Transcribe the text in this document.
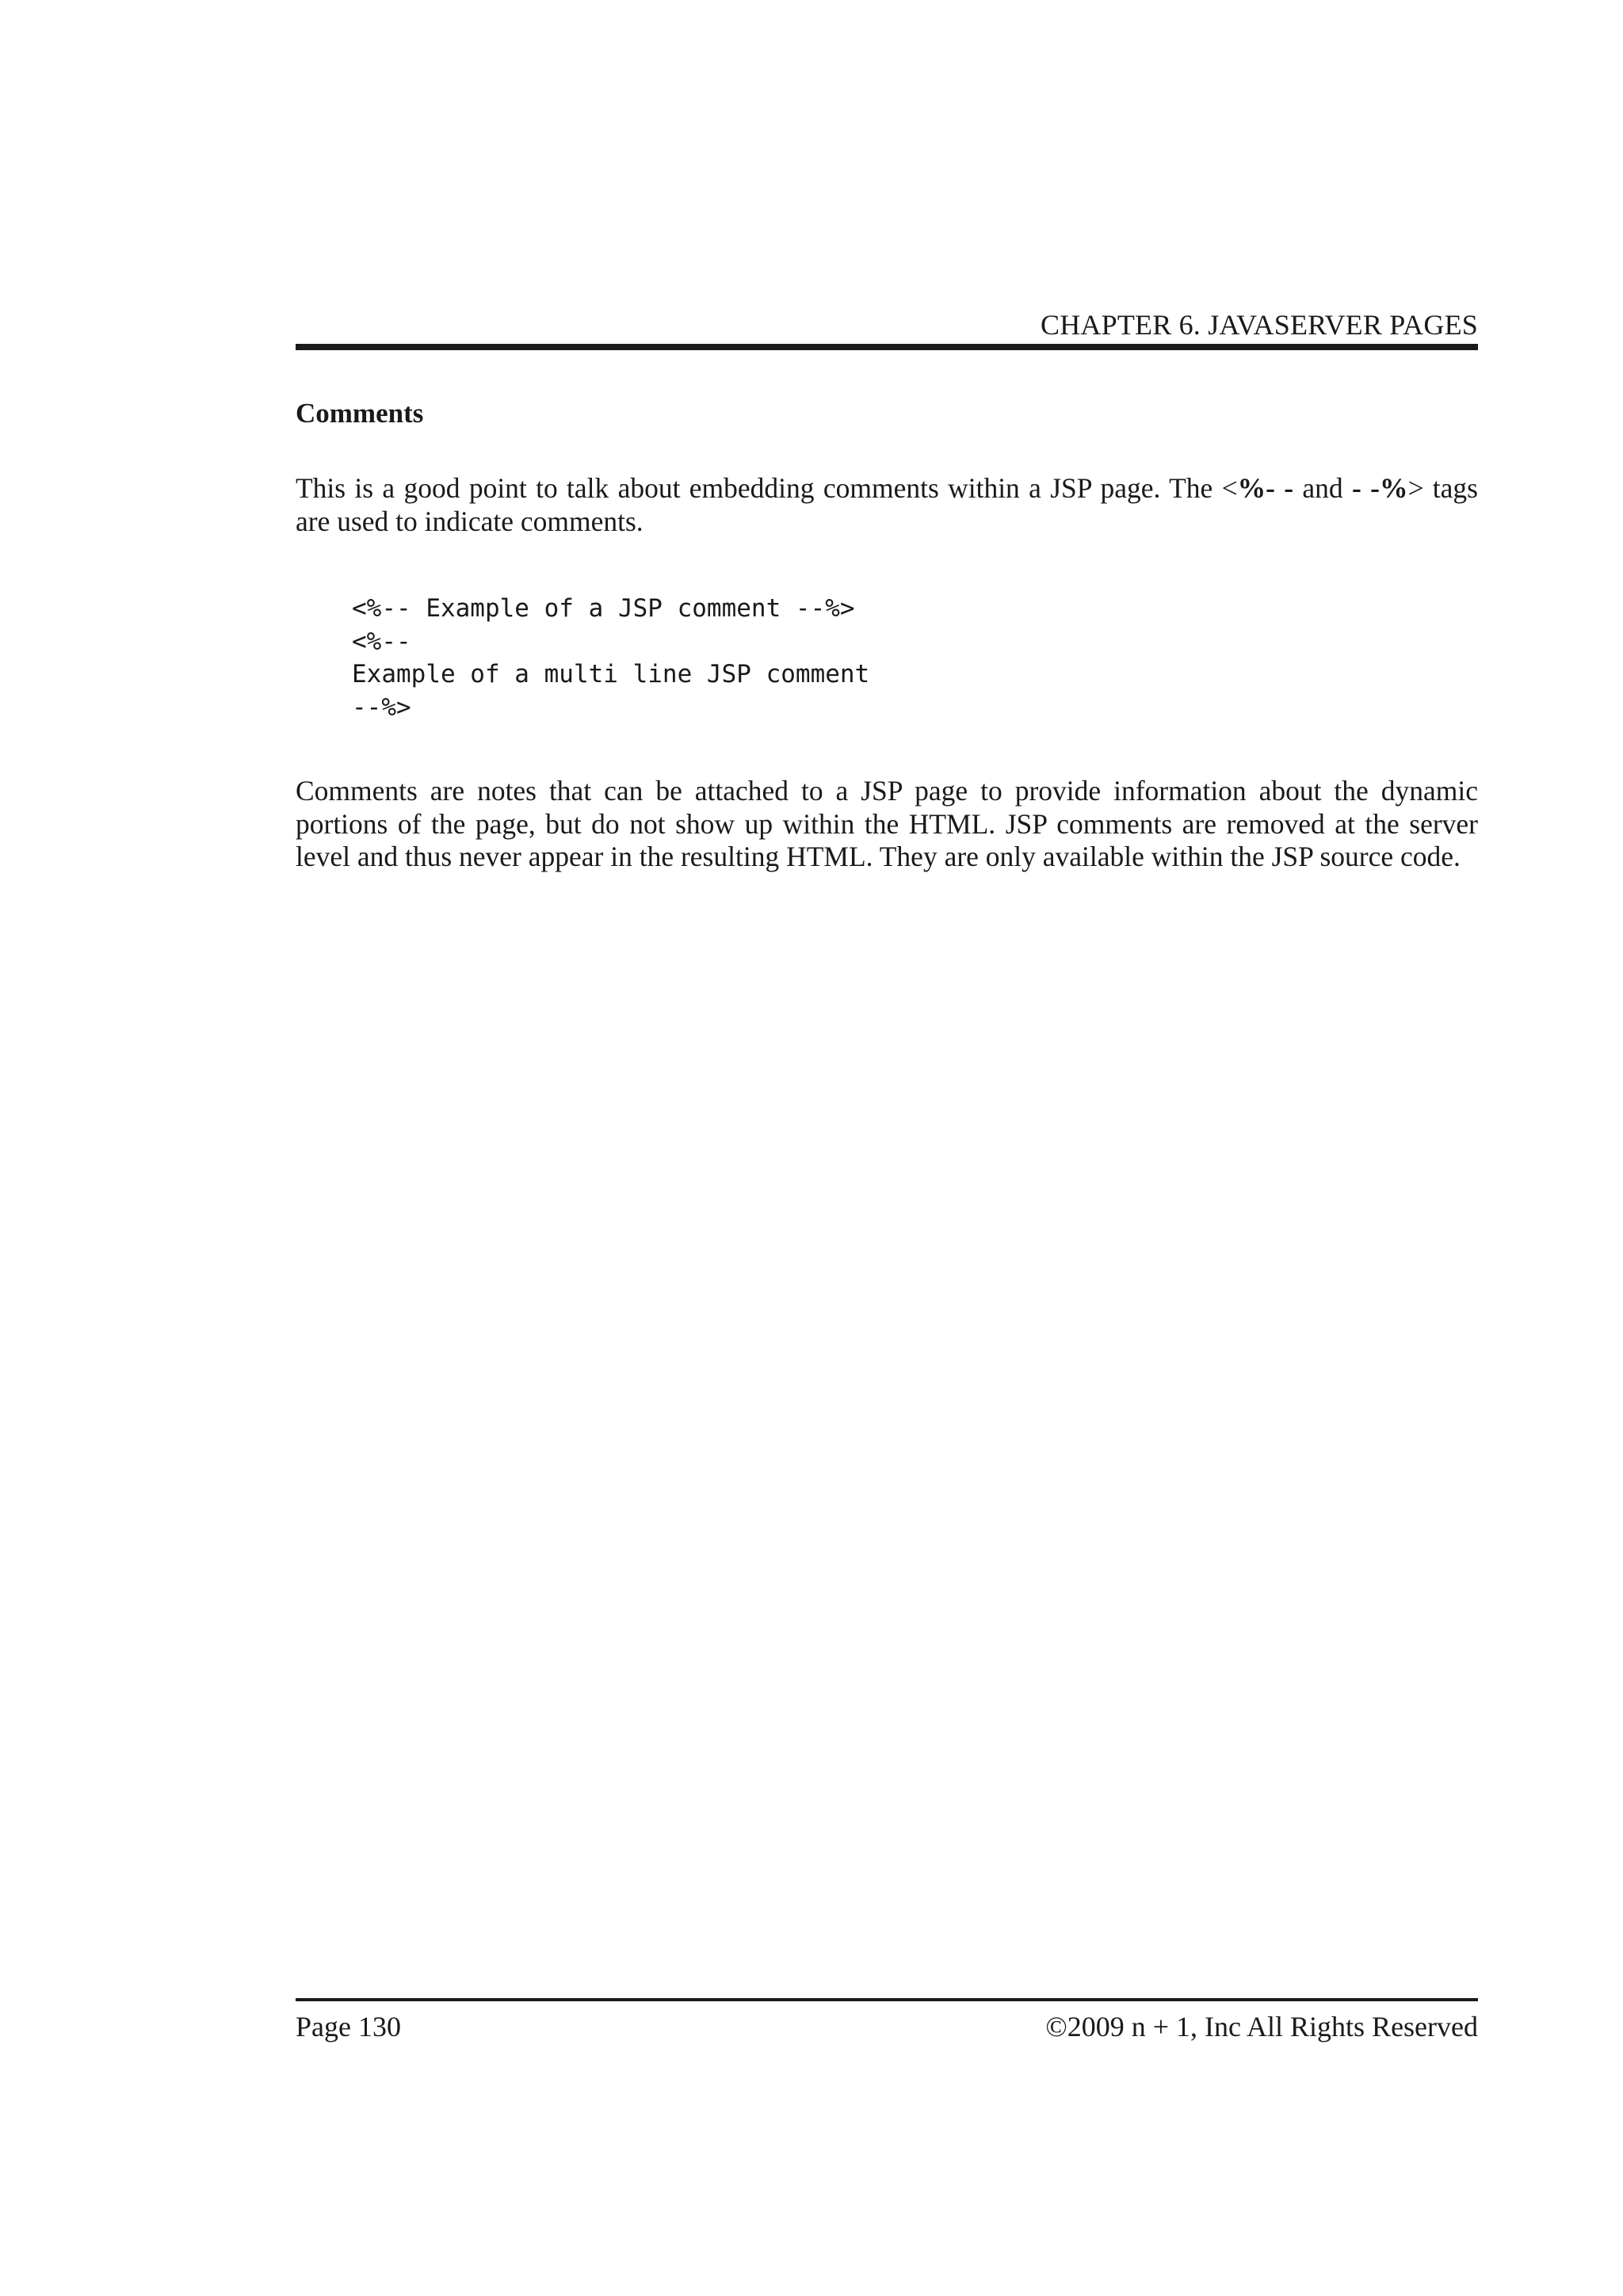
CHAPTER 6. JAVASERVER PAGES
Comments
This is a good point to talk about embedding comments within a JSP page. The <%- - and - -%> tags are used to indicate comments.
<%-- Example of a JSP comment --%>
<%--
Example of a multi line JSP comment
--%>
Comments are notes that can be attached to a JSP page to provide information about the dynamic portions of the page, but do not show up within the HTML. JSP comments are removed at the server level and thus never appear in the resulting HTML. They are only available within the JSP source code.
Page 130	©2009 n + 1, Inc All Rights Reserved
